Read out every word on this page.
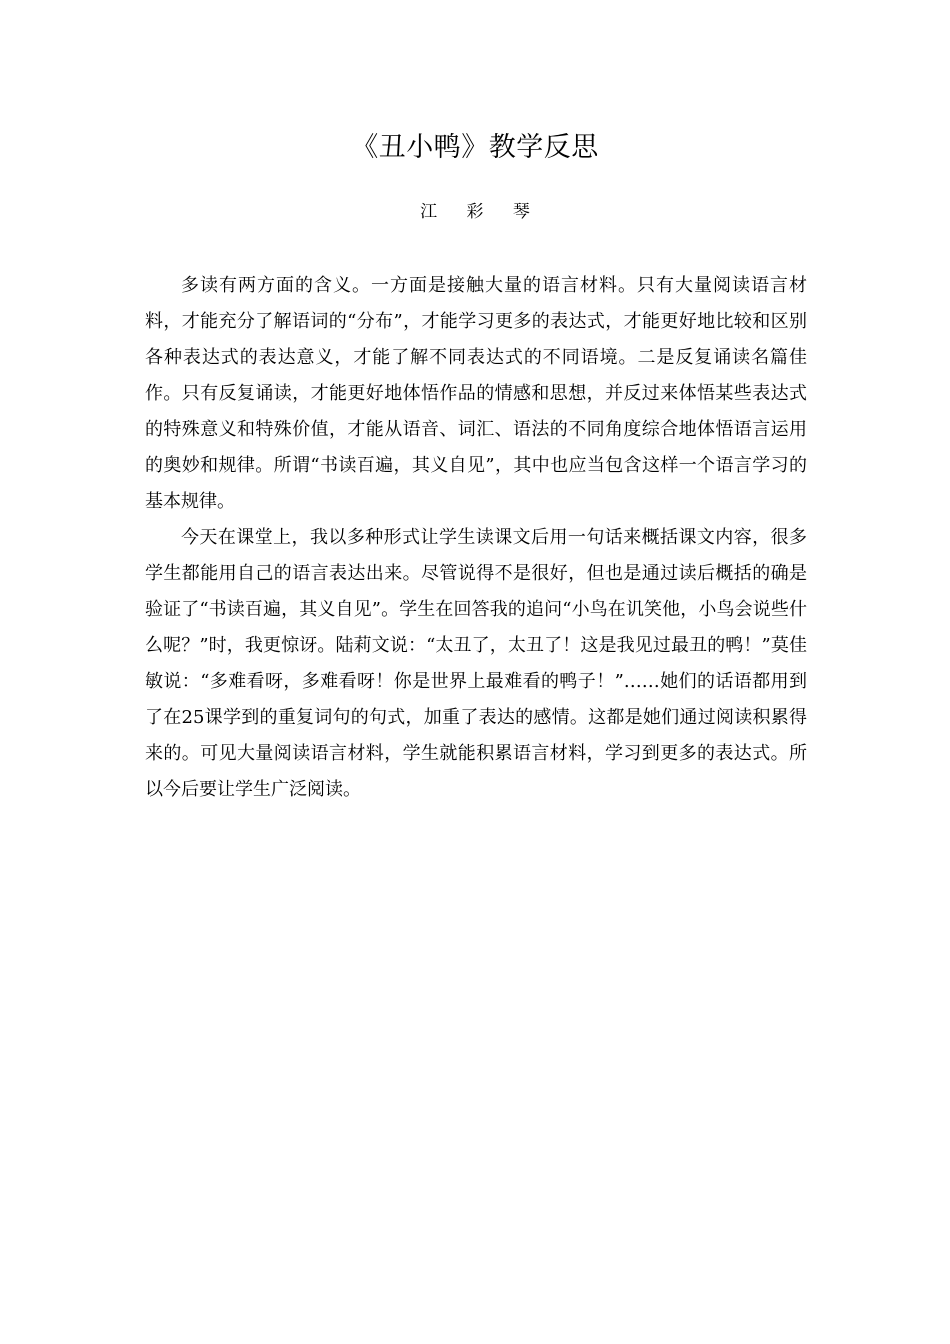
《丑小鸭》教学反思
江 彩 琴

多读有两方面的含义。一方面是接触大量的语言材料。只有大量阅读语言材料，才能充分了解语词的“分布”，才能学习更多的表达式，才能更好地比较和区别各种表达式的表达意义，才能了解不同表达式的不同语境。二是反复诵读名篇佳作。只有反复诵读，才能更好地体悟作品的情感和思想，并反过来体悟某些表达式的特殊意义和特殊价值，才能从语音、词汇、语法的不同角度综合地体悟语言运用的奥妙和规律。所谓“书读百遍，其义自见”，其中也应当包含这样一个语言学习的基本规律。

今天在课堂上，我以多种形式让学生读课文后用一句话来概括课文内容，很多学生都能用自己的语言表达出来。尽管说得不是很好，但也是通过读后概括的确是验证了“书读百遍，其义自见”。学生在回答我的追问“小鸟在讥笑他，小鸟会说些什么呢？”时，我更惊讶。陆莉文说：“太丑了，太丑了！这是我见过最丑的鸭！”莫佳敏说：“多难看呀，多难看呀！你是世界上最难看的鸭子！”……她们的话语都用到了在25课学到的重复词句的句式，加重了表达的感情。这都是她们通过阅读积累得来的。可见大量阅读语言材料，学生就能积累语言材料，学习到更多的表达式。所以今后要让学生广泛阅读。
